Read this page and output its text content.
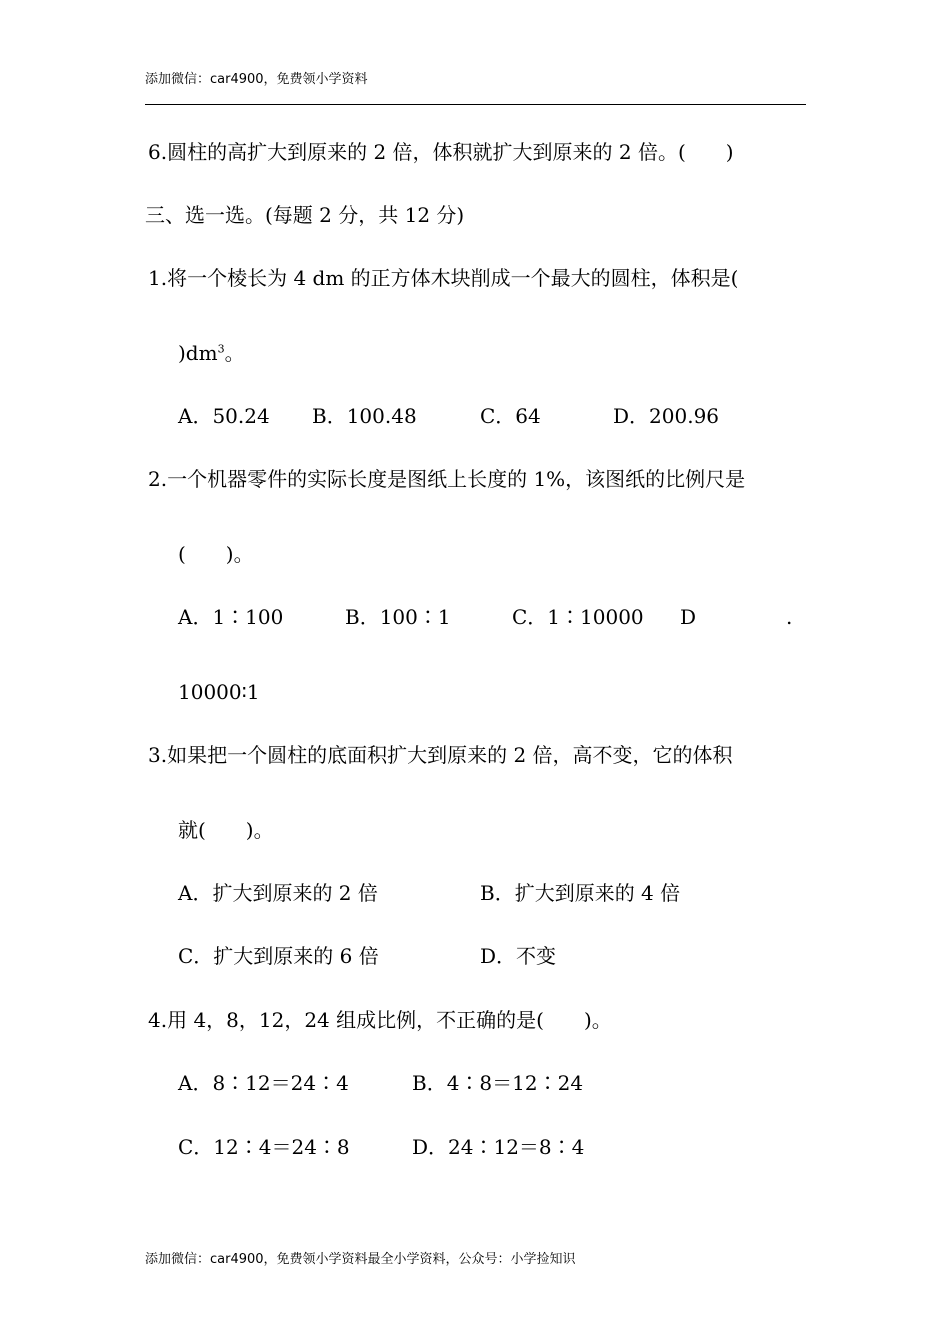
添加微信：car4900，免费领小学资料
6.圆柱的高扩大到原来的 2 倍，体积就扩大到原来的 2 倍。(　　)
三、选一选。(每题 2 分，共 12 分)
1.将一个棱长为 4 dm 的正方体木块削成一个最大的圆柱，体积是(
)$dm^3$。
A．50.24 B．100.48	C．64	D．200.96
2.一个机器零件的实际长度是图纸上长度的 1%，该图纸的比例尺是
(　　)。
A．1∶100	B．100∶1	C．1∶10000 D	.
10000∶1
3.如果把一个圆柱的底面积扩大到原来的 2 倍，高不变，它的体积
就(　　)。
A．扩大到原来的 2 倍	B．扩大到原来的 4 倍
C．扩大到原来的 6 倍	D．不变
4.用 4，8，12，24 组成比例，不正确的是(　　)。
A．8∶12＝24∶4	B．4∶8＝12∶24
C．12∶4＝24∶8	D．24∶12＝8∶4
添加微信：car4900，免费领小学资料最全小学资料，公众号：小学捡知识
